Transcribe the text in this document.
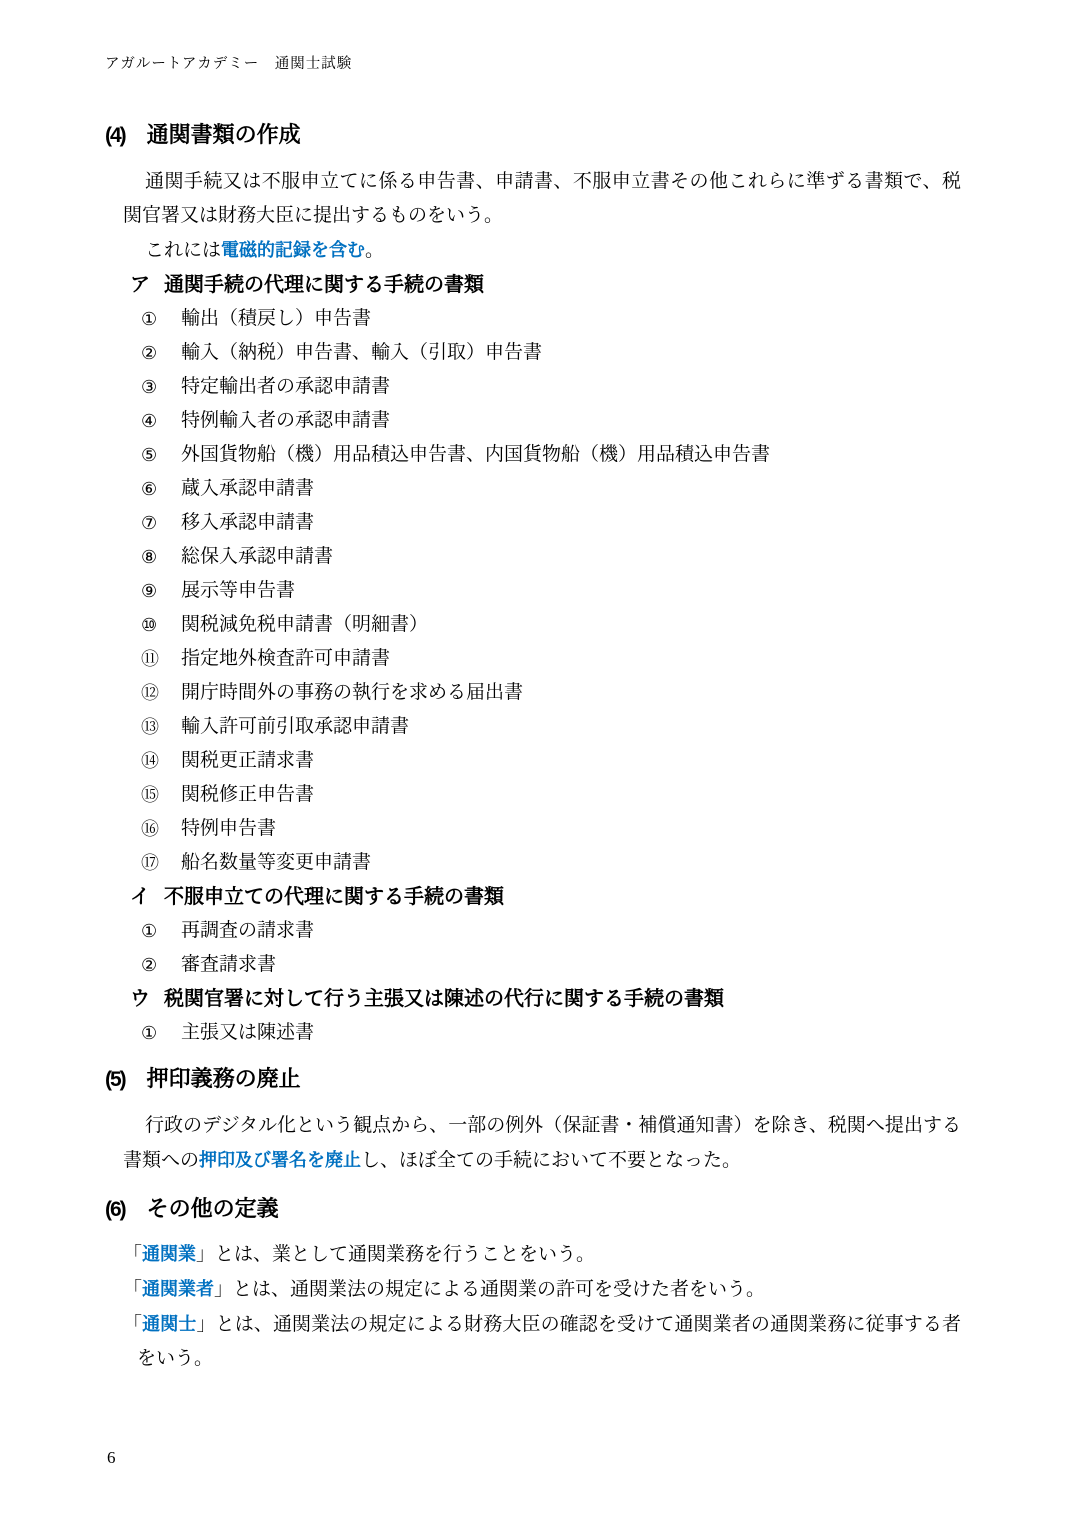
アガルートアカデミー　通関士試験
(4) 通関書類の作成

通関手続又は不服申立てに係る申告書、申請書、不服申立書その他これらに準ずる書類で、税関官署又は財務大臣に提出するものをいう。

これには電磁的記録を含む。

ア 通関手続の代理に関する手続の書類
①	輸出（積戻し）申告書
②	輸入（納税）申告書、輸入（引取）申告書
③	特定輸出者の承認申請書
④	特例輸入者の承認申請書
⑤	外国貨物船（機）用品積込申告書、内国貨物船（機）用品積込申告書
⑥	蔵入承認申請書
⑦	移入承認申請書
⑧	総保入承認申請書
⑨	展示等申告書
⑩	関税減免税申請書（明細書）
⑪	指定地外検査許可申請書
⑫	開庁時間外の事務の執行を求める届出書
⑬	輸入許可前引取承認申請書
⑭	関税更正請求書
⑮	関税修正申告書
⑯	特例申告書
⑰	船名数量等変更申請書
イ 不服申立ての代理に関する手続の書類
①	再調査の請求書
②	審査請求書
ウ 税関官署に対して行う主張又は陳述の代行に関する手続の書類
①	主張又は陳述書
(5) 押印義務の廃止

行政のデジタル化という観点から、一部の例外（保証書・補償通知書）を除き、税関へ提出する書類への押印及び署名を廃止し、ほぼ全ての手続において不要となった。

(6) その他の定義

「通関業」とは、業として通関業務を行うことをいう。

「通関業者」とは、通関業法の規定による通関業の許可を受けた者をいう。

「通関士」とは、通関業法の規定による財務大臣の確認を受けて通関業者の通関業務に従事する者をいう。

6
